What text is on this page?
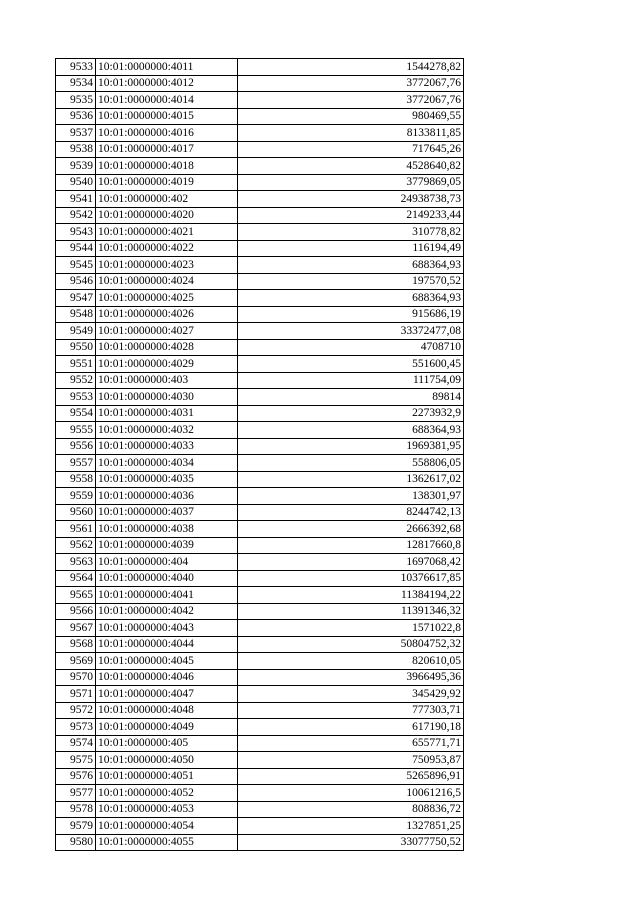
9533	10:01:0000000:4011	1544278,82
9534	10:01:0000000:4012	3772067,76
9535	10:01:0000000:4014	3772067,76
9536	10:01:0000000:4015	980469,55
9537	10:01:0000000:4016	8133811,85
9538	10:01:0000000:4017	717645,26
9539	10:01:0000000:4018	4528640,82
9540	10:01:0000000:4019	3779869,05
9541	10:01:0000000:402	24938738,73
9542	10:01:0000000:4020	2149233,44
9543	10:01:0000000:4021	310778,82
9544	10:01:0000000:4022	116194,49
9545	10:01:0000000:4023	688364,93
9546	10:01:0000000:4024	197570,52
9547	10:01:0000000:4025	688364,93
9548	10:01:0000000:4026	915686,19
9549	10:01:0000000:4027	33372477,08
9550	10:01:0000000:4028	4708710
9551	10:01:0000000:4029	551600,45
9552	10:01:0000000:403	111754,09
9553	10:01:0000000:4030	89814
9554	10:01:0000000:4031	2273932,9
9555	10:01:0000000:4032	688364,93
9556	10:01:0000000:4033	1969381,95
9557	10:01:0000000:4034	558806,05
9558	10:01:0000000:4035	1362617,02
9559	10:01:0000000:4036	138301,97
9560	10:01:0000000:4037	8244742,13
9561	10:01:0000000:4038	2666392,68
9562	10:01:0000000:4039	12817660,8
9563	10:01:0000000:404	1697068,42
9564	10:01:0000000:4040	10376617,85
9565	10:01:0000000:4041	11384194,22
9566	10:01:0000000:4042	11391346,32
9567	10:01:0000000:4043	1571022,8
9568	10:01:0000000:4044	50804752,32
9569	10:01:0000000:4045	820610,05
9570	10:01:0000000:4046	3966495,36
9571	10:01:0000000:4047	345429,92
9572	10:01:0000000:4048	777303,71
9573	10:01:0000000:4049	617190,18
9574	10:01:0000000:405	655771,71
9575	10:01:0000000:4050	750953,87
9576	10:01:0000000:4051	5265896,91
9577	10:01:0000000:4052	10061216,5
9578	10:01:0000000:4053	808836,72
9579	10:01:0000000:4054	1327851,25
9580	10:01:0000000:4055	33077750,52
